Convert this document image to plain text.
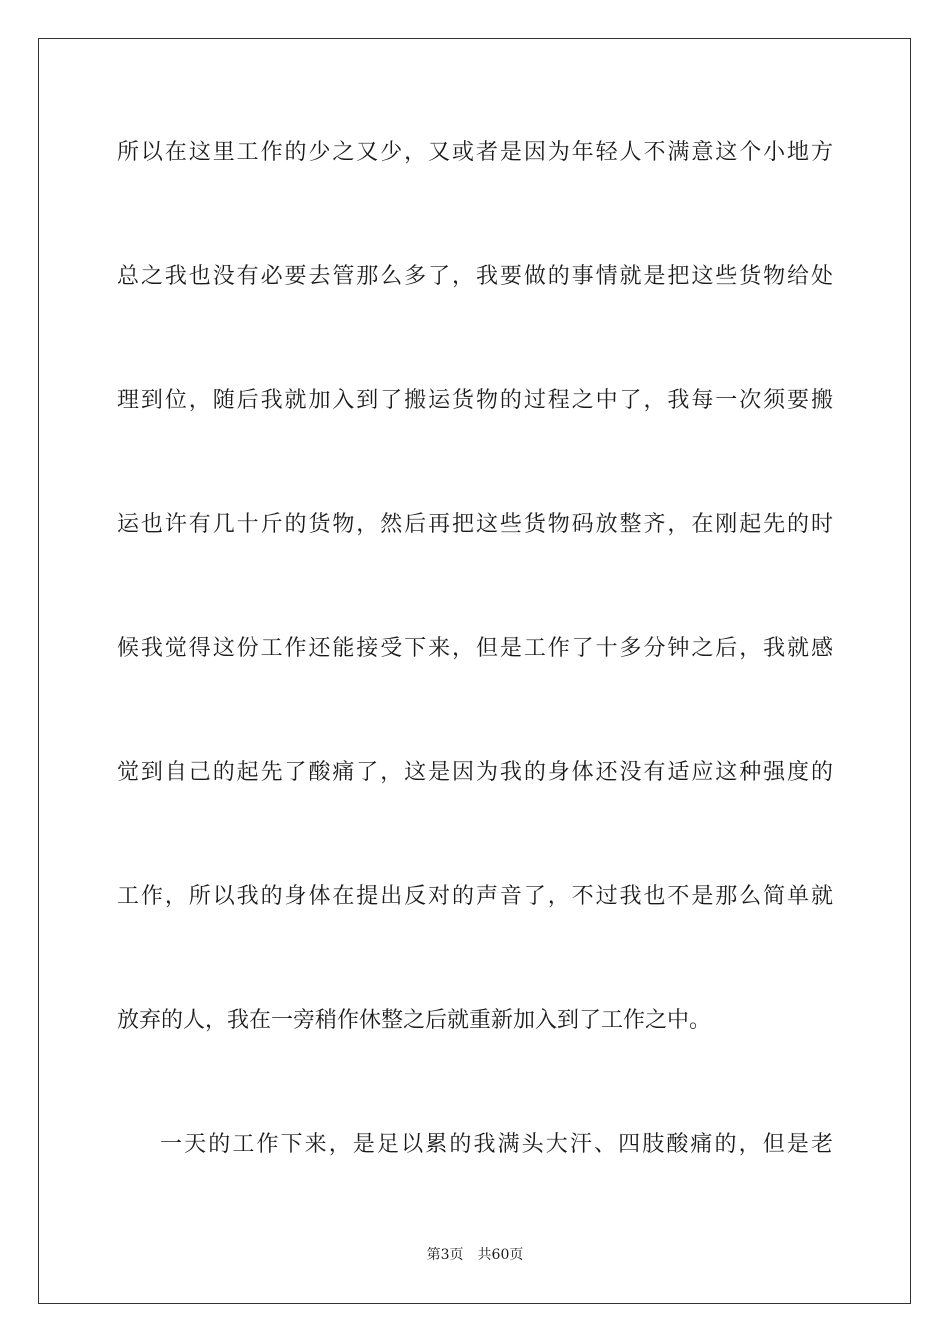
所以在这里工作的少之又少，又或者是因为年轻人不满意这个小地方
总之我也没有必要去管那么多了，我要做的事情就是把这些货物给处
理到位，随后我就加入到了搬运货物的过程之中了，我每一次须要搬
运也许有几十斤的货物，然后再把这些货物码放整齐，在刚起先的时
候我觉得这份工作还能接受下来，但是工作了十多分钟之后，我就感
觉到自己的起先了酸痛了，这是因为我的身体还没有适应这种强度的
工作，所以我的身体在提出反对的声音了，不过我也不是那么简单就
放弃的人，我在一旁稍作休整之后就重新加入到了工作之中。
一天的工作下来，是足以累的我满头大汗、四肢酸痛的，但是老
第3页 共60页
